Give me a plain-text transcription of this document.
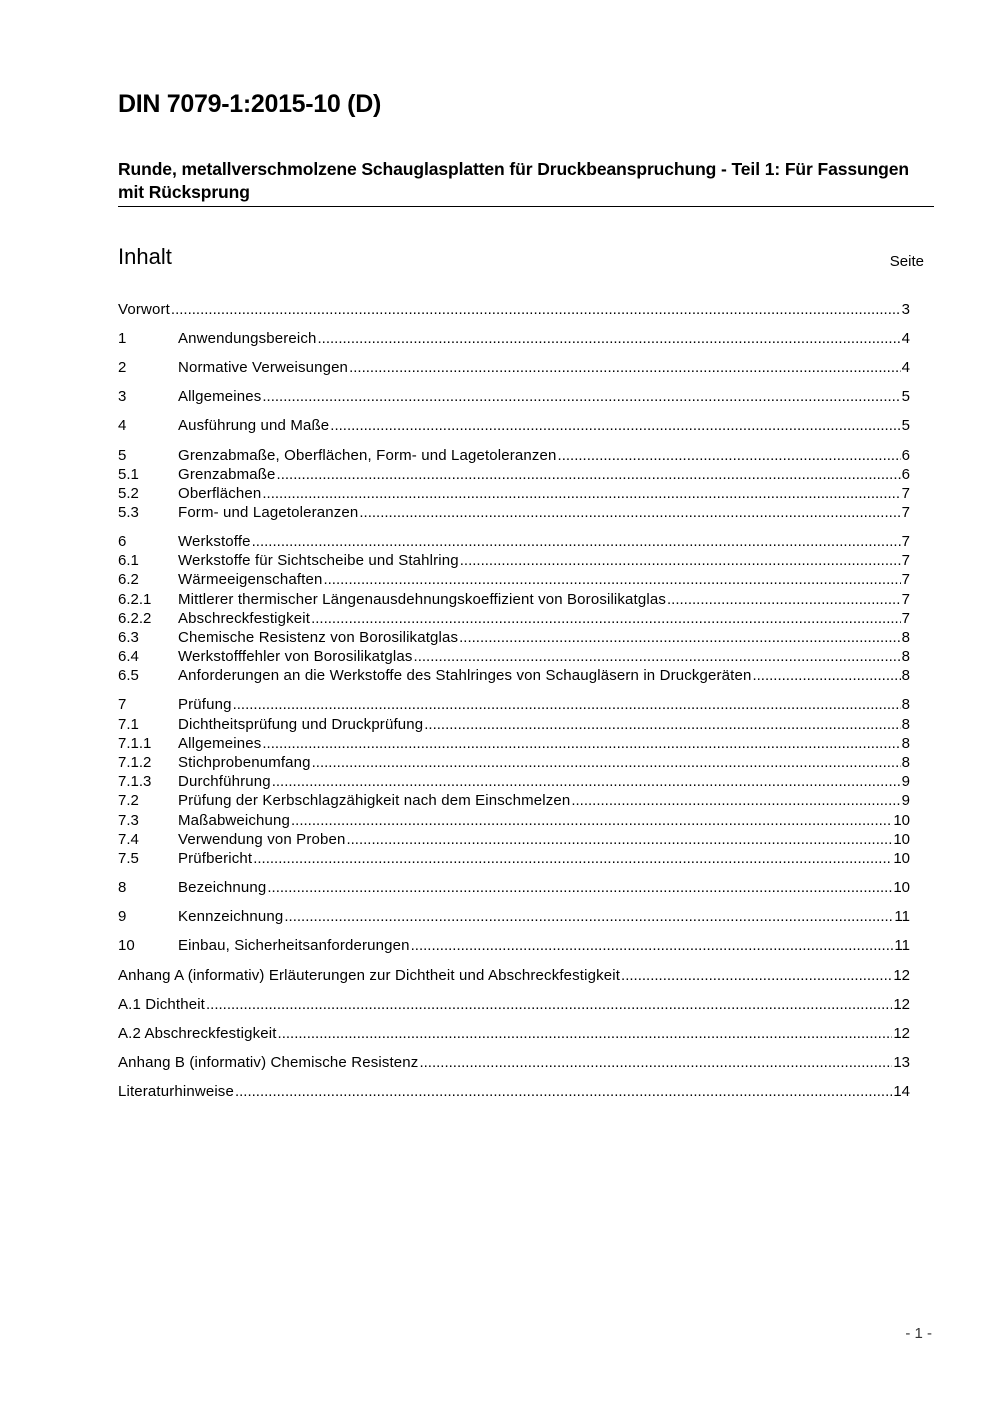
DIN 7079-1:2015-10 (D)
Runde, metallverschmolzene Schauglasplatten für Druckbeanspruchung - Teil 1: Für Fassungen mit Rücksprung
Inhalt	Seite
Vorwort .....	3
1	Anwendungsbereich .....	4
2	Normative Verweisungen .....	4
3	Allgemeines .....	5
4	Ausführung und Maße .....	5
5	Grenzabmaße, Oberflächen, Form- und Lagetoleranzen .....	6
5.1	Grenzabmaße .....	6
5.2	Oberflächen .....	7
5.3	Form- und Lagetoleranzen .....	7
6	Werkstoffe .....	7
6.1	Werkstoffe für Sichtscheibe und Stahlring .....	7
6.2	Wärmeeigenschaften .....	7
6.2.1	Mittlerer thermischer Längenausdehnungskoeffizient von Borosilikatglas .....	7
6.2.2	Abschreckfestigkeit .....	7
6.3	Chemische Resistenz von Borosilikatglas .....	8
6.4	Werkstofffehler von Borosilikatglas .....	8
6.5	Anforderungen an die Werkstoffe des Stahlringes von Schaugläsern in Druckgeräten .....	8
7	Prüfung .....	8
7.1	Dichtheitsprüfung und Druckprüfung .....	8
7.1.1	Allgemeines .....	8
7.1.2	Stichprobenumfang .....	8
7.1.3	Durchführung .....	9
7.2	Prüfung der Kerbschlagzähigkeit nach dem Einschmelzen .....	9
7.3	Maßabweichung .....	10
7.4	Verwendung von Proben .....	10
7.5	Prüfbericht .....	10
8	Bezeichnung .....	10
9	Kennzeichnung .....	11
10	Einbau, Sicherheitsanforderungen .....	11
Anhang A (informativ) Erläuterungen zur Dichtheit und Abschreckfestigkeit .....	12
A.1 Dichtheit .....	12
A.2 Abschreckfestigkeit .....	12
Anhang B (informativ) Chemische Resistenz .....	13
Literaturhinweise .....	14
- 1 -
